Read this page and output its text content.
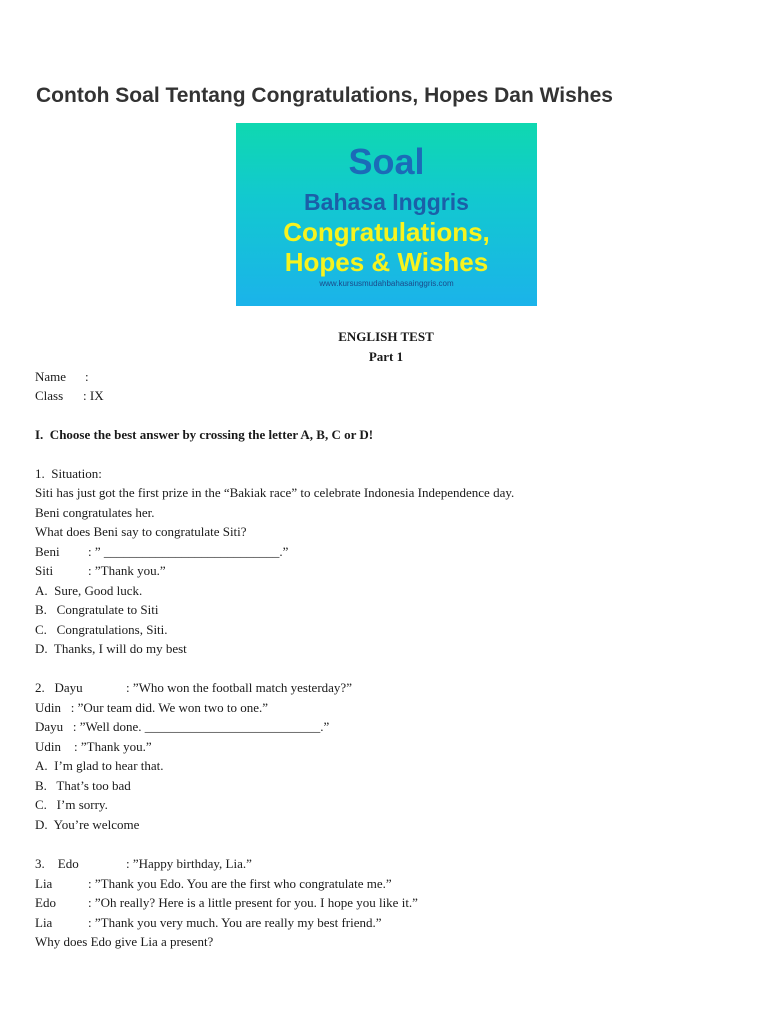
Contoh Soal Tentang Congratulations, Hopes Dan Wishes
Soal
Bahasa Inggris
Congratulations,
Hopes & Wishes
www.kursusmudahbahasainggris.com
ENGLISH TEST
Part 1
Name :
Class : IX
I.  Choose the best answer by crossing the letter A, B, C or D!
1.  Situation:
Siti has just got the first prize in the “Bakiak race” to celebrate Indonesia Independence day.
Beni congratulates her.
What does Beni say to congratulate Siti?
Beni : ” ___________________________.”
Siti	: ”Thank you.”
A.  Sure, Good luck.
B.   Congratulate to Siti
C.   Congratulations, Siti.
D.  Thanks, I will do my best
2.   Dayu	: ”Who won the football match yesterday?”
Udin   : ”Our team did. We won two to one.”
Dayu   : ”Well done. ___________________________.”
Udin    : ”Thank you.”
A.  I’m glad to hear that.
B.   That’s too bad
C.   I’m sorry.
D.  You’re welcome
3.    Edo	: ”Happy birthday, Lia.”
Lia	: ”Thank you Edo. You are the first who congratulate me.”
Edo : ”Oh really? Here is a little present for you. I hope you like it.”
Lia	: ”Thank you very much. You are really my best friend.”
Why does Edo give Lia a present?
